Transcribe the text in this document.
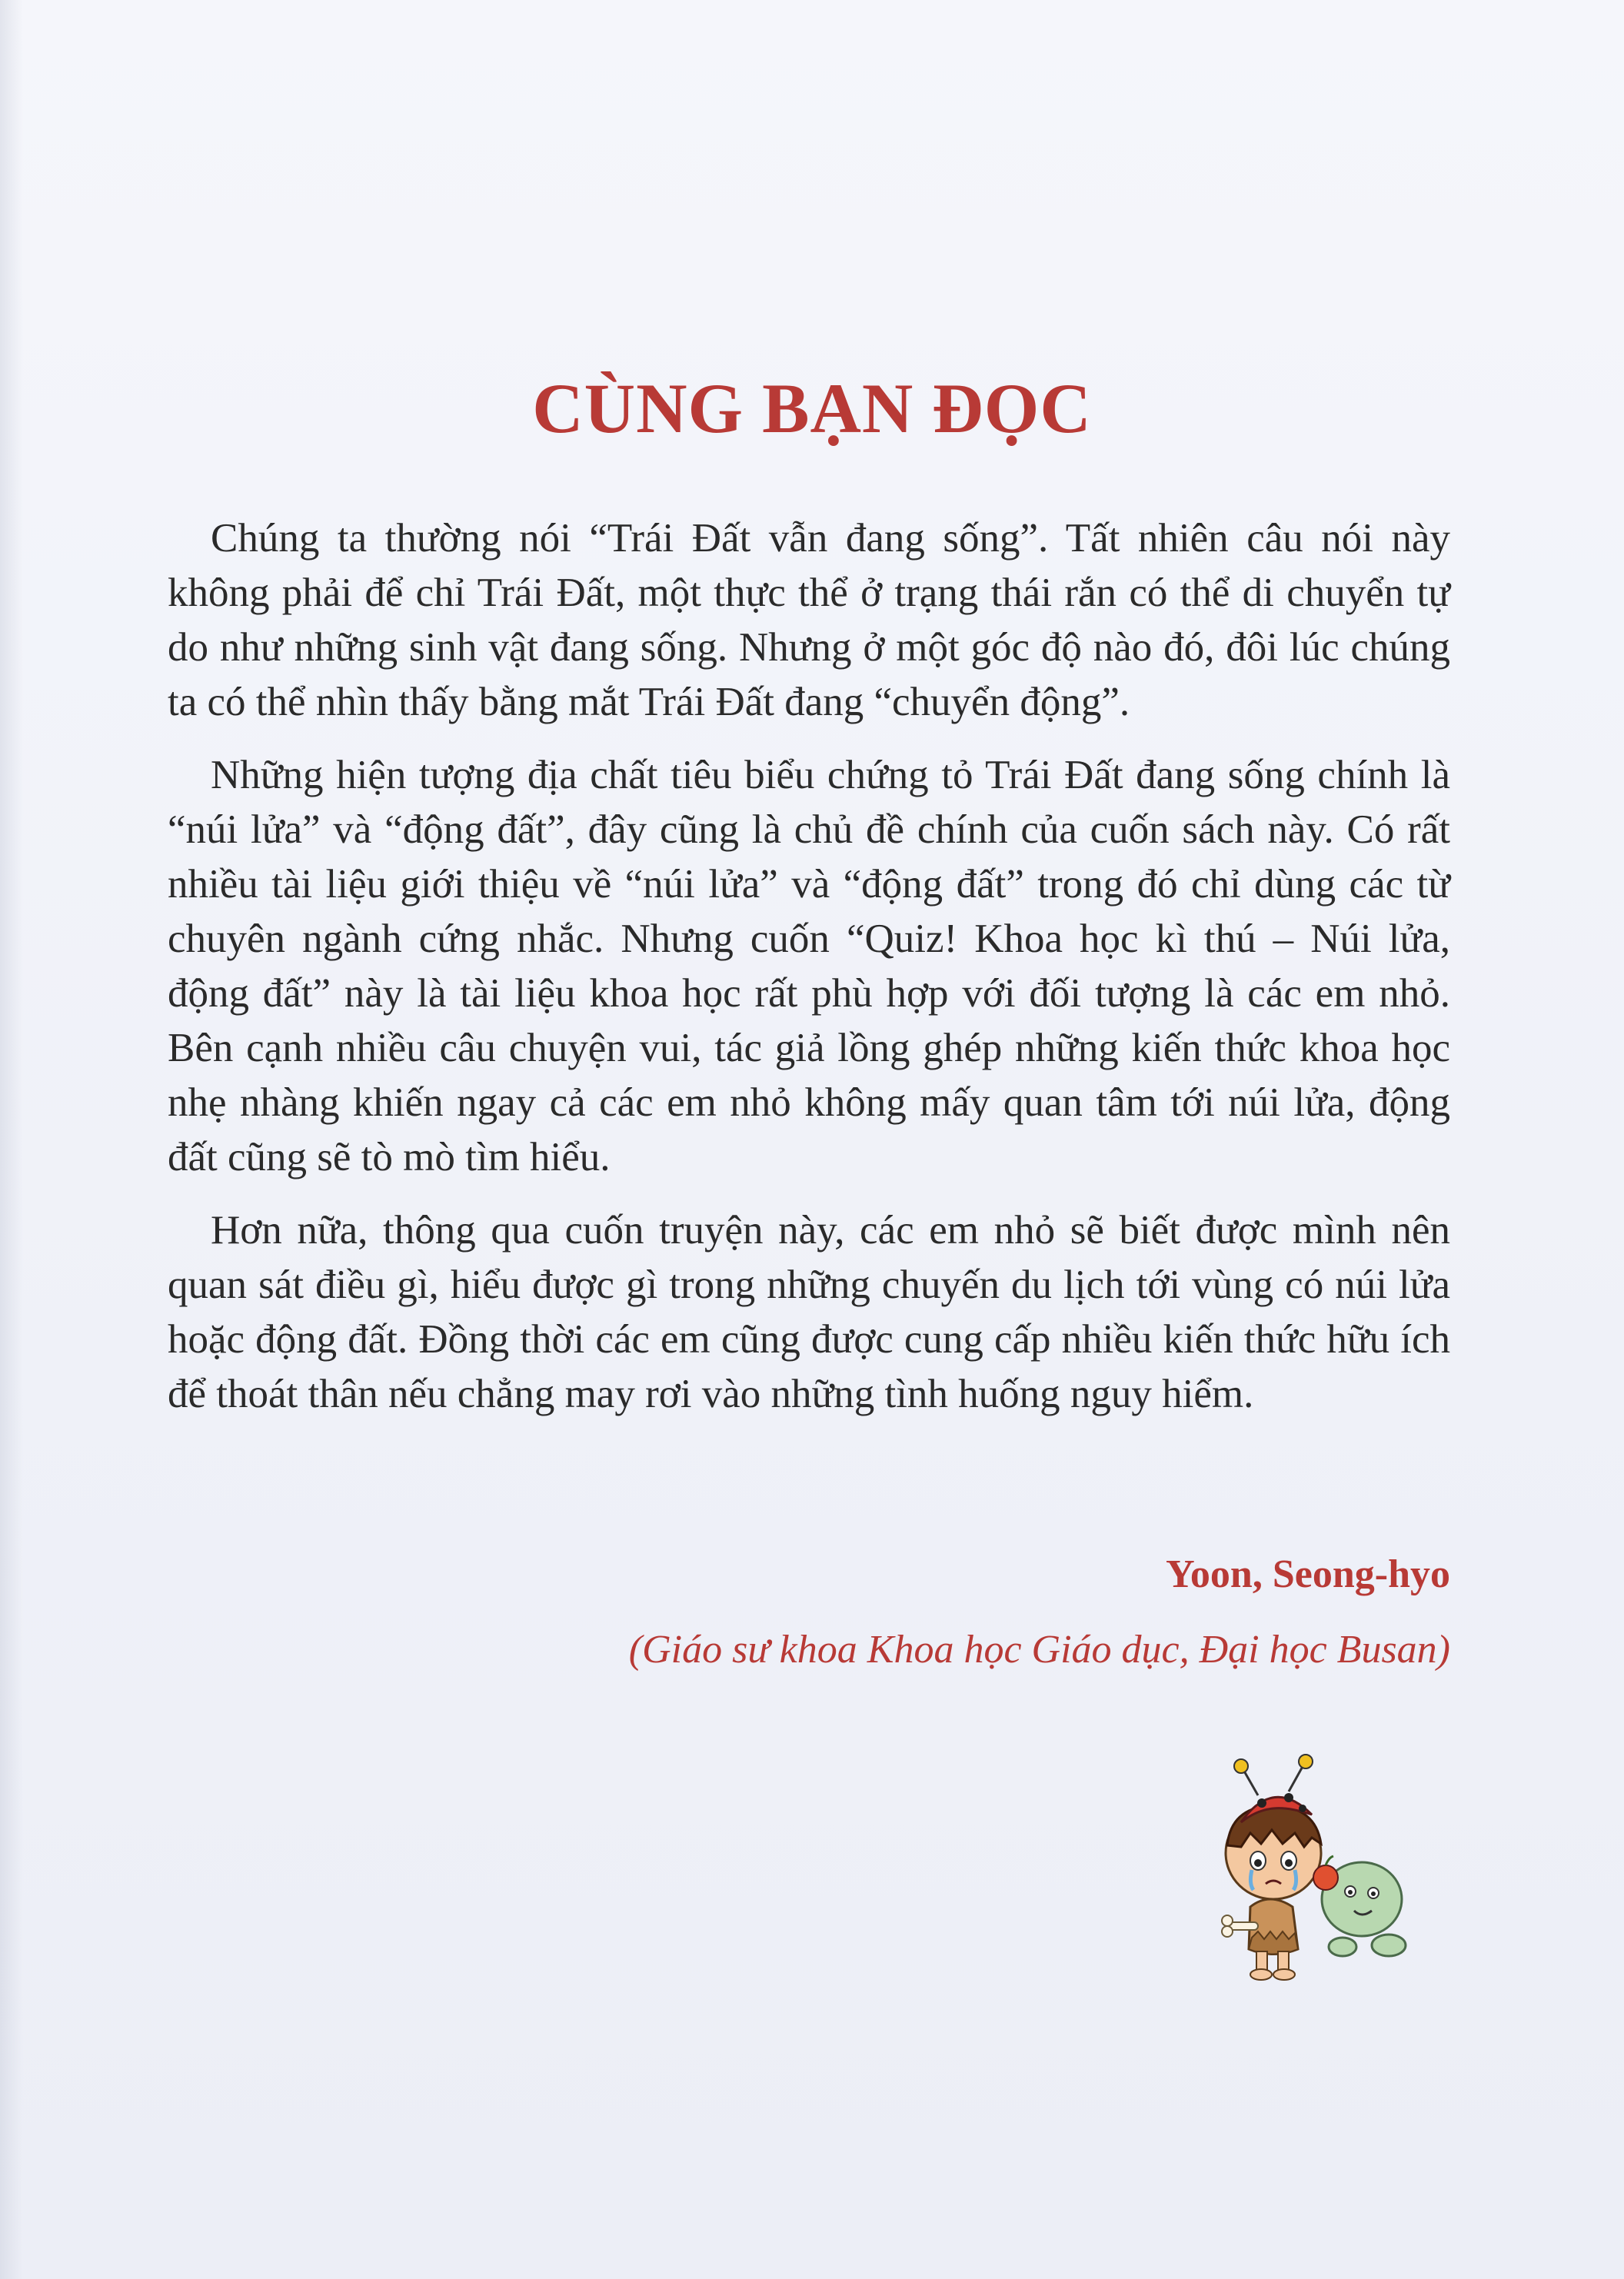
CÙNG BẠN ĐỌC

Chúng ta thường nói “Trái Đất vẫn đang sống”. Tất nhiên câu nói này không phải để chỉ Trái Đất, một thực thể ở trạng thái rắn có thể di chuyển tự do như những sinh vật đang sống. Nhưng ở một góc độ nào đó, đôi lúc chúng ta có thể nhìn thấy bằng mắt Trái Đất đang “chuyển động”.

Những hiện tượng địa chất tiêu biểu chứng tỏ Trái Đất đang sống chính là “núi lửa” và “động đất”, đây cũng là chủ đề chính của cuốn sách này. Có rất nhiều tài liệu giới thiệu về “núi lửa” và “động đất” trong đó chỉ dùng các từ chuyên ngành cứng nhắc. Nhưng cuốn “Quiz! Khoa học kì thú – Núi lửa, động đất” này là tài liệu khoa học rất phù hợp với đối tượng là các em nhỏ. Bên cạnh nhiều câu chuyện vui, tác giả lồng ghép những kiến thức khoa học nhẹ nhàng khiến ngay cả các em nhỏ không mấy quan tâm tới núi lửa, động đất cũng sẽ tò mò tìm hiểu.

Hơn nữa, thông qua cuốn truyện này, các em nhỏ sẽ biết được mình nên quan sát điều gì, hiểu được gì trong những chuyến du lịch tới vùng có núi lửa hoặc động đất. Đồng thời các em cũng được cung cấp nhiều kiến thức hữu ích để thoát thân nếu chẳng may rơi vào những tình huống nguy hiểm.

Yoon, Seong-hyo
(Giáo sư khoa Khoa học Giáo dục, Đại học Busan)
